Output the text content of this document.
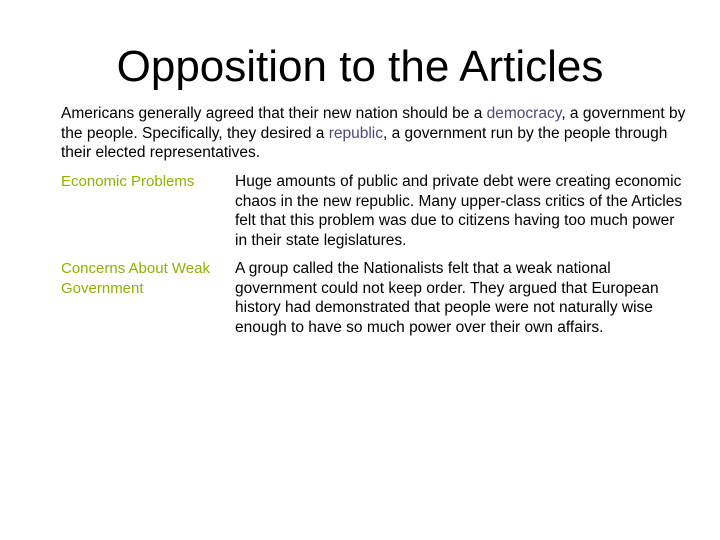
Opposition to the Articles

Americans generally agreed that their new nation should be a democracy, a government by the people. Specifically, they desired a republic, a government run by the people through their elected representatives.

Economic Problems	Huge amounts of public and private debt were creating economic chaos in the new republic. Many upper-class critics of the Articles felt that this problem was due to citizens having too much power in their state legislatures.
Concerns About Weak Government
A group called the Nationalists felt that a weak national government could not keep order. They argued that European history had demonstrated that people were not naturally wise enough to have so much power over their own affairs.
